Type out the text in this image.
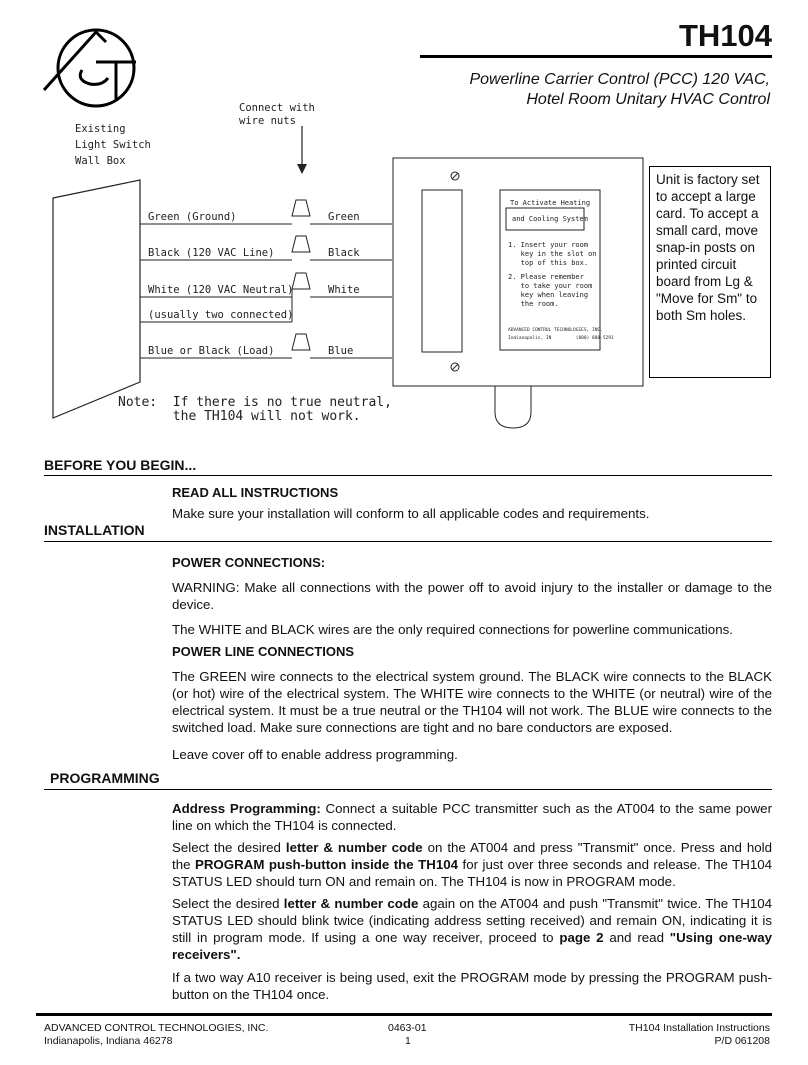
TH104
Powerline Carrier Control (PCC) 120 VAC,
Hotel Room Unitary HVAC Control
Connect with
wire nuts
Existing
Light Switch
Wall Box
Green (Ground)	Green
Black (120 VAC Line)	Black
White (120 VAC Neutral)	White
(usually two connected)
Blue or Black (Load)	Blue
To Activate Heating
and Cooling System
1. Insert your room
key in the slot on
top of this box.
2. Please remember
to take your room
key when leaving
the room.
ADVANCED CONTROL TECHNOLOGIES, INC.
Indianapolis, IN         (800) 888-5291
Note:  If there is no true neutral,
the TH104 will not work.
Unit is factory set to accept a large card. To accept a small card, move snap-in posts on printed circuit board from Lg & "Move for Sm" to both Sm holes.
BEFORE YOU BEGIN...
READ ALL INSTRUCTIONS
Make sure your installation will conform to all applicable codes and requirements.
INSTALLATION
POWER CONNECTIONS:
WARNING: Make all connections with the power off to avoid injury to the installer or damage to the device.
The WHITE and BLACK wires are the only required connections for powerline communications.
POWER LINE CONNECTIONS
The GREEN wire connects to the electrical system ground. The BLACK wire connects to the BLACK (or hot) wire of the electrical system. The WHITE wire connects to the WHITE (or neutral) wire of the electrical system. It must be a true neutral or the TH104 will not work. The BLUE wire connects to the switched load. Make sure connections are tight and no bare conductors are exposed.
Leave cover off to enable address programming.
PROGRAMMING
Address Programming: Connect a suitable PCC transmitter such as the AT004 to the same power line on which the TH104 is connected.
Select the desired letter & number code on the AT004 and press "Transmit" once. Press and hold the PROGRAM push-button inside the TH104 for just over three seconds and release. The TH104 STATUS LED should turn ON and remain on. The TH104 is now in PROGRAM mode.
Select the desired letter & number code again on the AT004 and push "Transmit" twice. The TH104 STATUS LED should blink twice (indicating address setting received) and remain ON, indicating it is still in program mode. If using a one way receiver, proceed to page 2 and read "Using one-way receivers".
If a two way A10 receiver is being used, exit the PROGRAM mode by pressing the PROGRAM push-button on the TH104 once.
ADVANCED CONTROL TECHNOLOGIES, INC.
Indianapolis, Indiana 46278
0463-01
1
TH104 Installation Instructions
P/D 061208
